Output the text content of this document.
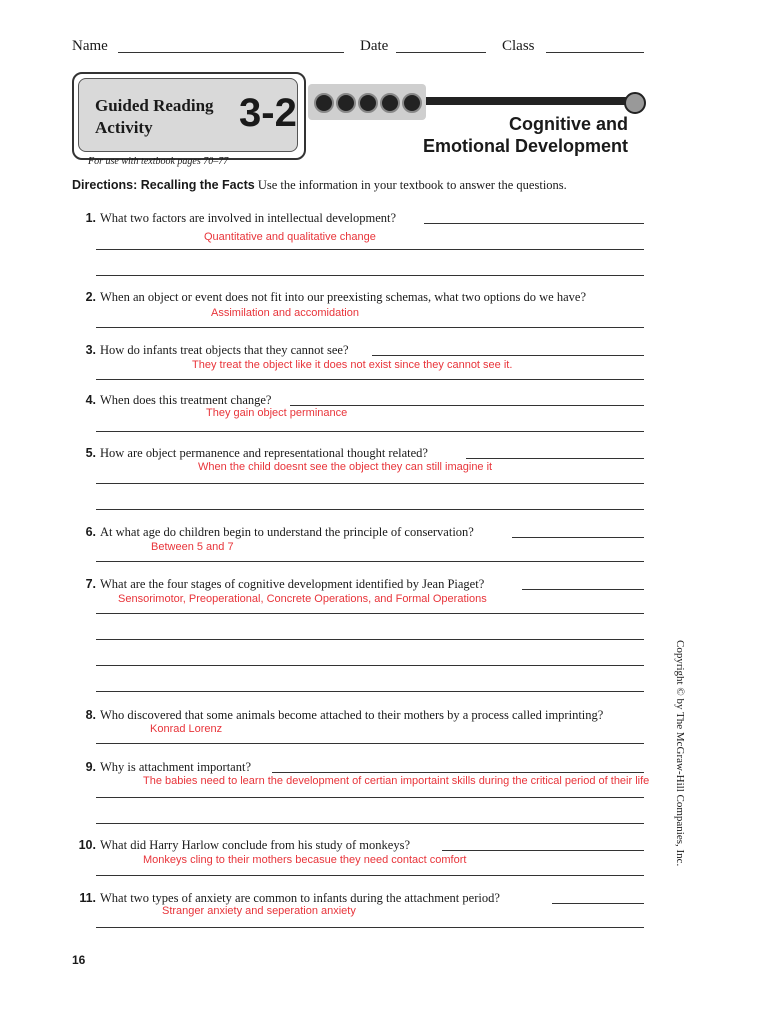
Name	Date	Class
Guided Reading
Activity	3-2	Cognitive and
Emotional Development
For use with textbook pages 70–77
Directions: Recalling the Facts Use the information in your textbook to answer the questions.
1. What two factors are involved in intellectual development?
Quantitative and qualitative change
2. When an object or event does not fit into our preexisting schemas, what two options do we have?
Assimilation and accomidation
3. How do infants treat objects that they cannot see?
They treat the object like it does not exist since they cannot see it.
4. When does this treatment change?
They gain object perminance
5. How are object permanence and representational thought related?
When the child doesnt see the object they can still imagine it
6. At what age do children begin to understand the principle of conservation?
Between 5 and 7
7. What are the four stages of cognitive development identified by Jean Piaget?
Sensorimotor, Preoperational, Concrete Operations, and Formal Operations
8. Who discovered that some animals become attached to their mothers by a process called imprinting?
Konrad Lorenz
9. Why is attachment important?
The babies need to learn the development of certian importaint skills during the critical period of their life
10. What did Harry Harlow conclude from his study of monkeys?
Monkeys cling to their mothers becasue they need contact comfort
11. What two types of anxiety are common to infants during the attachment period?
Stranger anxiety and seperation anxiety
16
Copyright © by The McGraw-Hill Companies, Inc.
